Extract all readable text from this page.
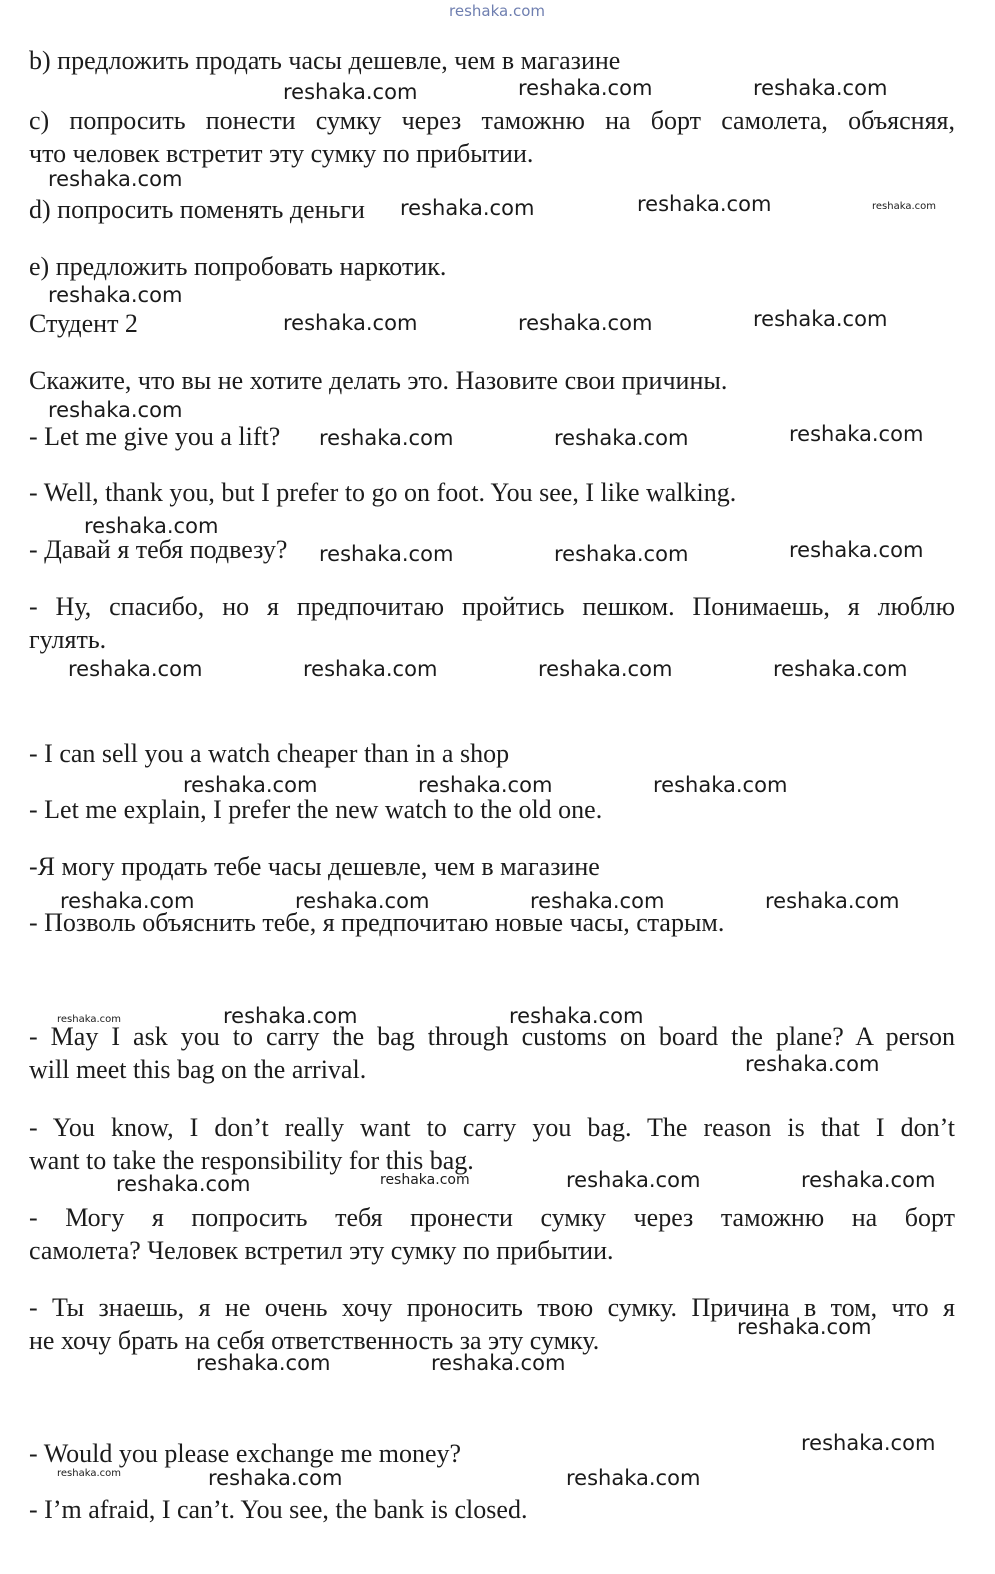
reshaka.com
b) предложить продать часы дешевле, чем в магазине
c) попросить понести сумку через таможню на борт самолета, объясняя,
что человек встретит эту сумку по прибытии.
d) попросить поменять деньги
e) предложить попробовать наркотик.
Студент 2
Скажите, что вы не хотите делать это. Назовите свои причины.
- Let me give you a lift?
- Well, thank you, but I prefer to go on foot. You see, I like walking.
- Давай я тебя подвезу?
- Ну, спасибо, но я предпочитаю пройтись пешком. Понимаешь, я люблю
гулять.
- I can sell you a watch cheaper than in a shop
- Let me explain, I prefer the new watch to the old one.
-Я могу продать тебе часы дешевле, чем в магазине
- Позволь объяснить тебе, я предпочитаю новые часы, старым.
- May I ask you to carry the bag through customs on board the plane? A person
will meet this bag on the arrival.
- You know, I don’t really want to carry you bag. The reason is that I don’t
want to take the responsibility for this bag.
- Могу я попросить тебя пронести сумку через таможню на борт
самолета? Человек встретил эту сумку по прибытии.
- Ты знаешь, я не очень хочу проносить твою сумку. Причина в том, что я
не хочу брать на себя ответственность за эту сумку.
- Would you please exchange me money?
- I’m afraid, I can’t. You see, the bank is closed.
reshaka.com	reshaka.com	reshaka.com
reshaka.com
reshaka.com	reshaka.com	reshaka.com
reshaka.com
reshaka.com	reshaka.com	reshaka.com
reshaka.com
reshaka.com	reshaka.com	reshaka.com
reshaka.com
reshaka.com	reshaka.com	reshaka.com
reshaka.com	reshaka.com	reshaka.com	reshaka.com
reshaka.com	reshaka.com	reshaka.com
reshaka.com	reshaka.com	reshaka.com	reshaka.com
reshaka.com	reshaka.com	reshaka.com
reshaka.com
reshaka.com	reshaka.com	reshaka.com	reshaka.com
reshaka.com
reshaka.com	reshaka.com
reshaka.com
reshaka.com	reshaka.com	reshaka.com
